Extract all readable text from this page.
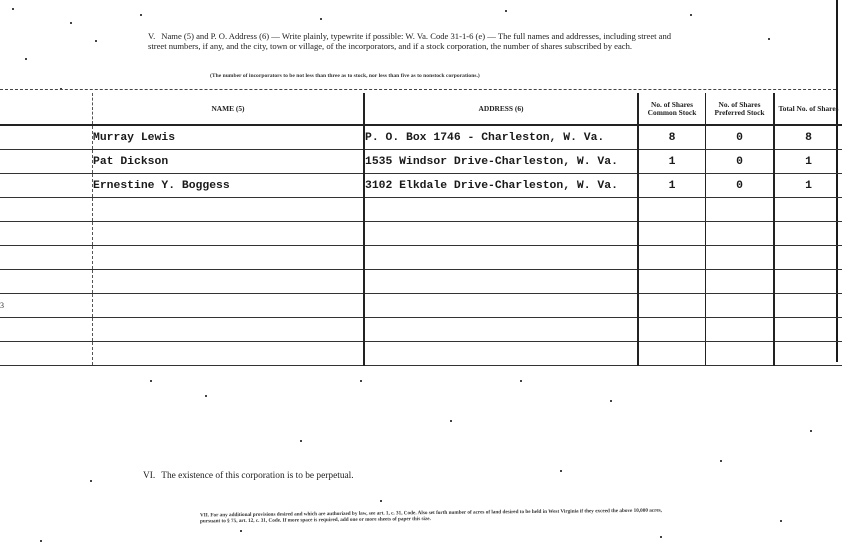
V. Name (5) and P. O. Address (6) — Write plainly, typewrite if possible: W. Va. Code 31-1-6 (e) — The full names and addresses, including street and street numbers, if any, and the city, town or village, of the incorporators, and if a stock corporation, the number of shares subscribed by each.
(The number of incorporators to be not less than three as to stock, nor less than five as to nonstock corporations.)
	NAME (5)	ADDRESS (6)	No. of Shares Common Stock	No. of Shares Preferred Stock	Total No. of Shares
	Murray Lewis	P. O. Box 1746 - Charleston, W. Va.	8	0	8
	Pat Dickson	1535 Windsor Drive-Charleston, W. Va.	1	0	1
	Ernestine Y. Boggess	3102 Elkdale Drive-Charleston, W. Va.	1	0	1

3					

VI. The existence of this corporation is to be perpetual.
VII. For any additional provisions desired and which are authorized by law, see art. 1, c. 31, Code. Also set forth number of acres of land desired to be held in West Virginia if they exceed the above 10,000 acres, pursuant to § 75, art. 12, c. 31, Code. If more space is required, add one or more sheets of paper this size.
